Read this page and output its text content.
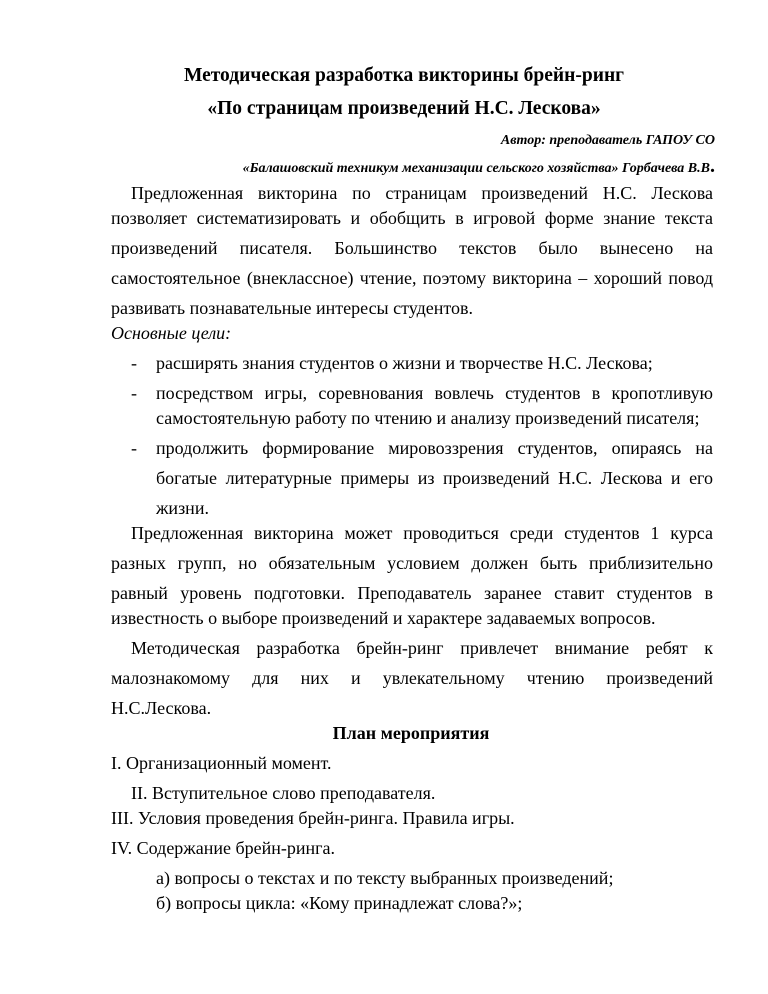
Методическая разработка викторины брейн-ринг
«По страницам произведений Н.С. Лескова»
Автор: преподаватель ГАПОУ СО
«Балашовский техникум механизации сельского хозяйства» Горбачева В.В.
Предложенная викторина по страницам произведений Н.С. Лескова
позволяет систематизировать и обобщить в игровой форме знание текста
произведений писателя. Большинство текстов было вынесено на
самостоятельное (внеклассное) чтение, поэтому викторина – хороший повод
развивать познавательные интересы студентов.
Основные цели:
- расширять знания студентов о жизни и творчестве Н.С. Лескова;
- посредством игры, соревнования вовлечь студентов в кропотливую
самостоятельную работу по чтению и анализу произведений писателя;
- продолжить формирование мировоззрения студентов, опираясь на
богатые литературные примеры из произведений Н.С. Лескова и его
жизни.
Предложенная викторина может проводиться среди студентов 1 курса
разных групп, но обязательным условием должен быть приблизительно
равный уровень подготовки. Преподаватель заранее ставит студентов в
известность о выборе произведений и характере задаваемых вопросов.
Методическая разработка брейн-ринг привлечет внимание ребят к
малознакомому для них и увлекательному чтению произведений
Н.С.Лескова.
План мероприятия
I. Организационный момент.
II. Вступительное слово преподавателя.
III. Условия проведения брейн-ринга. Правила игры.
IV. Содержание брейн-ринга.
а) вопросы о текстах и по тексту выбранных произведений;
б) вопросы цикла: «Кому принадлежат слова?»;
